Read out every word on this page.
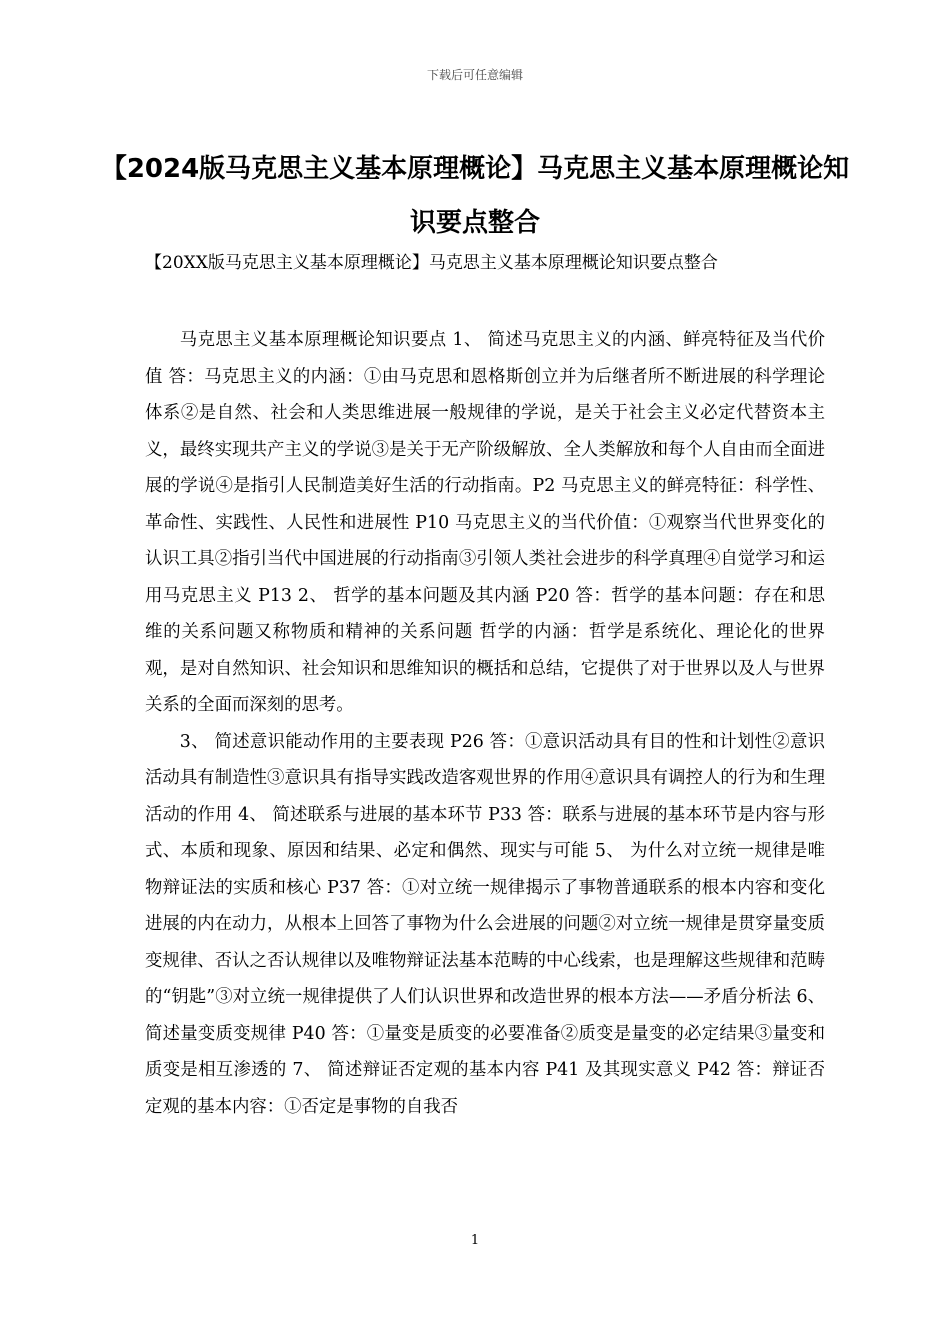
下载后可任意编辑
【2024版马克思主义基本原理概论】马克思主义基本原理概论知识要点整合
【20XX版马克思主义基本原理概论】马克思主义基本原理概论知识要点整合

马克思主义基本原理概论知识要点 1、 简述马克思主义的内涵、鲜亮特征及当代价值 答：马克思主义的内涵：①由马克思和恩格斯创立并为后继者所不断进展的科学理论体系②是自然、社会和人类思维进展一般规律的学说，是关于社会主义必定代替资本主义，最终实现共产主义的学说③是关于无产阶级解放、全人类解放和每个人自由而全面进展的学说④是指引人民制造美好生活的行动指南。P2 马克思主义的鲜亮特征：科学性、革命性、实践性、人民性和进展性 P10 马克思主义的当代价值：①观察当代世界变化的认识工具②指引当代中国进展的行动指南③引领人类社会进步的科学真理④自觉学习和运用马克思主义 P13 2、 哲学的基本问题及其内涵 P20 答：哲学的基本问题：存在和思维的关系问题又称物质和精神的关系问题 哲学的内涵：哲学是系统化、理论化的世界观，是对自然知识、社会知识和思维知识的概括和总结，它提供了对于世界以及人与世界关系的全面而深刻的思考。

3、 简述意识能动作用的主要表现 P26 答：①意识活动具有目的性和计划性②意识活动具有制造性③意识具有指导实践改造客观世界的作用④意识具有调控人的行为和生理活动的作用 4、 简述联系与进展的基本环节 P33 答：联系与进展的基本环节是内容与形式、本质和现象、原因和结果、必定和偶然、现实与可能 5、 为什么对立统一规律是唯物辩证法的实质和核心 P37 答：①对立统一规律揭示了事物普通联系的根本内容和变化进展的内在动力，从根本上回答了事物为什么会进展的问题②对立统一规律是贯穿量变质变规律、否认之否认规律以及唯物辩证法基本范畴的中心线索，也是理解这些规律和范畴的“钥匙”③对立统一规律提供了人们认识世界和改造世界的根本方法——矛盾分析法 6、 简述量变质变规律 P40 答：①量变是质变的必要准备②质变是量变的必定结果③量变和质变是相互渗透的 7、 简述辩证否定观的基本内容 P41 及其现实意义 P42 答：辩证否定观的基本内容：①否定是事物的自我否

1
